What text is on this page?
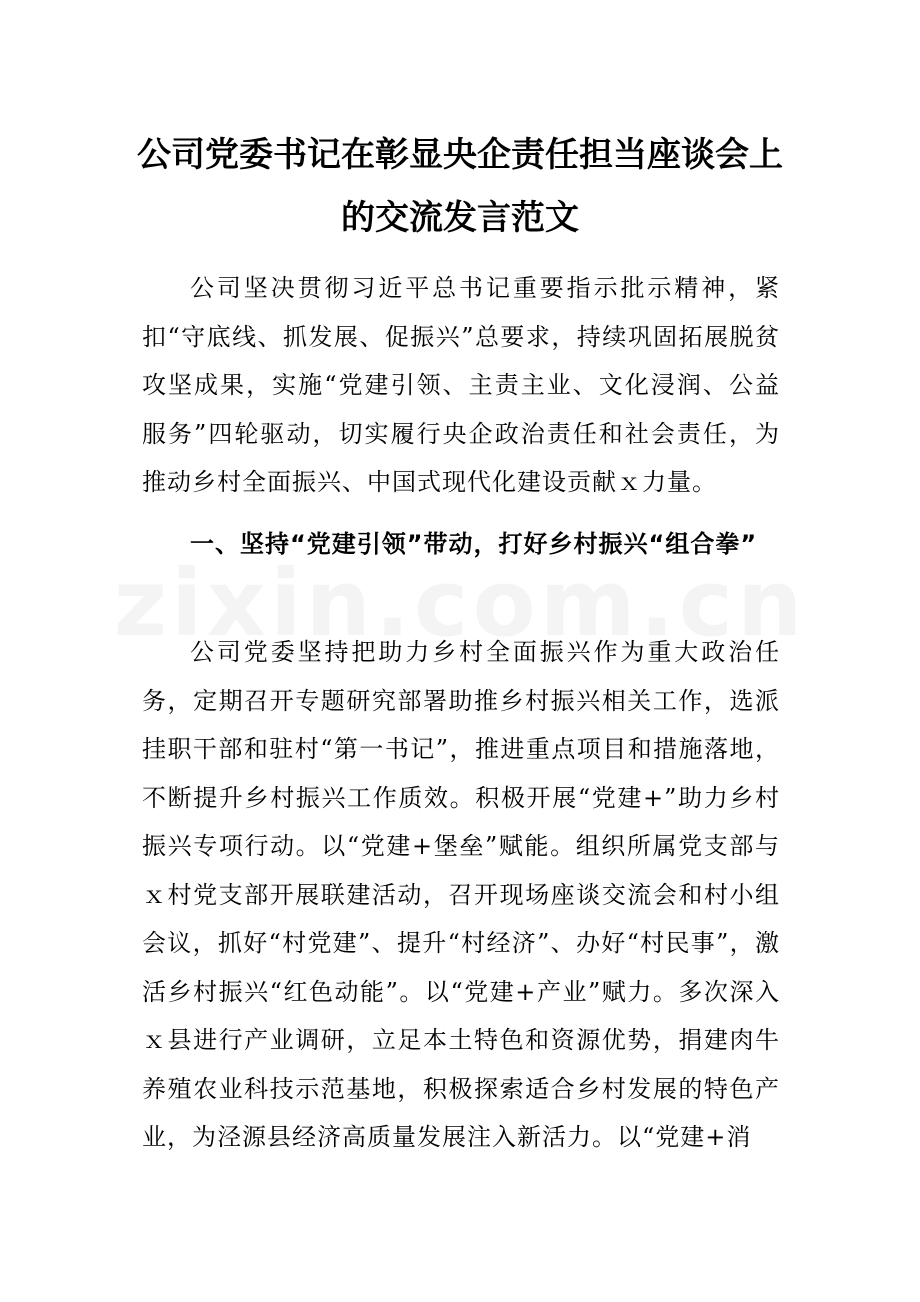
公司党委书记在彰显央企责任担当座谈会上的交流发言范文

公司坚决贯彻习近平总书记重要指示批示精神，紧扣“守底线、抓发展、促振兴”总要求，持续巩固拓展脱贫攻坚成果，实施“党建引领、主责主业、文化浸润、公益服务”四轮驱动，切实履行央企政治责任和社会责任，为推动乡村全面振兴、中国式现代化建设贡献ｘ力量。

一、坚持“党建引领”带动，打好乡村振兴“组合拳”

公司党委坚持把助力乡村全面振兴作为重大政治任务，定期召开专题研究部署助推乡村振兴相关工作，选派挂职干部和驻村“第一书记”，推进重点项目和措施落地，不断提升乡村振兴工作质效。积极开展“党建+”助力乡村振兴专项行动。以“党建+堡垒”赋能。组织所属党支部与ｘ村党支部开展联建活动，召开现场座谈交流会和村小组会议，抓好“村党建”、提升“村经济”、办好“村民事”，激活乡村振兴“红色动能”。以“党建+产业”赋力。多次深入ｘ县进行产业调研，立足本土特色和资源优势，捐建肉牛养殖农业科技示范基地，积极探索适合乡村发展的特色产业，为泾源县经济高质量发展注入新活力。以“党建+消
